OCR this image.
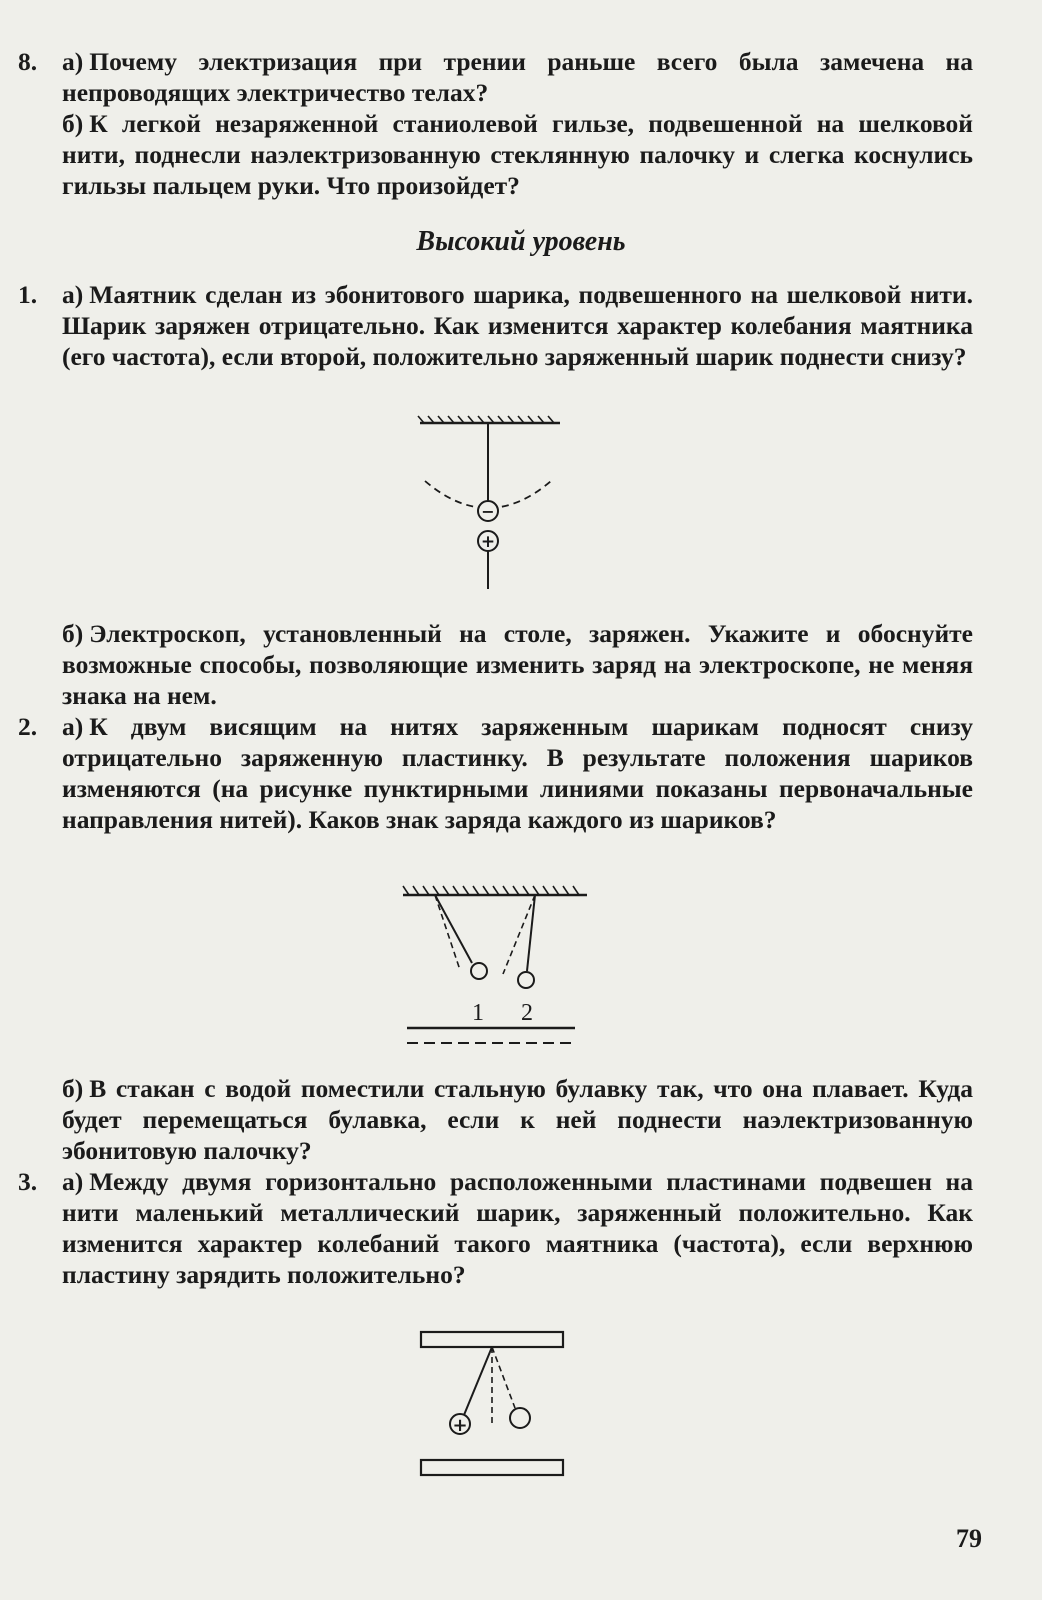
8. а) Почему электризация при трении раньше всего была замечена на непроводящих электричество телах?

б) К легкой незаряженной станиолевой гильзе, подвешенной на шелковой нити, поднесли наэлектризованную стеклянную палочку и слегка коснулись гильзы пальцем руки. Что произойдет?

Высокий уровень
1. а) Маятник сделан из эбонитового шарика, подвешенного на шелковой нити. Шарик заряжен отрицательно. Как изменится характер колебания маятника (его частота), если второй, положительно заряженный шарик поднести снизу?

−
+

б) Электроскоп, установленный на столе, заряжен. Укажите и обоснуйте возможные способы, позволяющие изменить заряд на электроскопе, не меняя знака на нем.

2. а) К двум висящим на нитях заряженным шарикам подносят снизу отрицательно заряженную пластинку. В результате положения шариков изменяются (на рисунке пунктирными линиями показаны первоначальные направления нитей). Каков знак заряда каждого из шариков?

1 2

б) В стакан с водой поместили стальную булавку так, что она плавает. Куда будет перемещаться булавка, если к ней поднести наэлектризованную эбонитовую палочку?

3. а) Между двумя горизонтально расположенными пластинами подвешен на нити маленький металлический шарик, заряженный положительно. Как изменится характер колебаний такого маятника (частота), если верхнюю пластину зарядить положительно?

+
79
